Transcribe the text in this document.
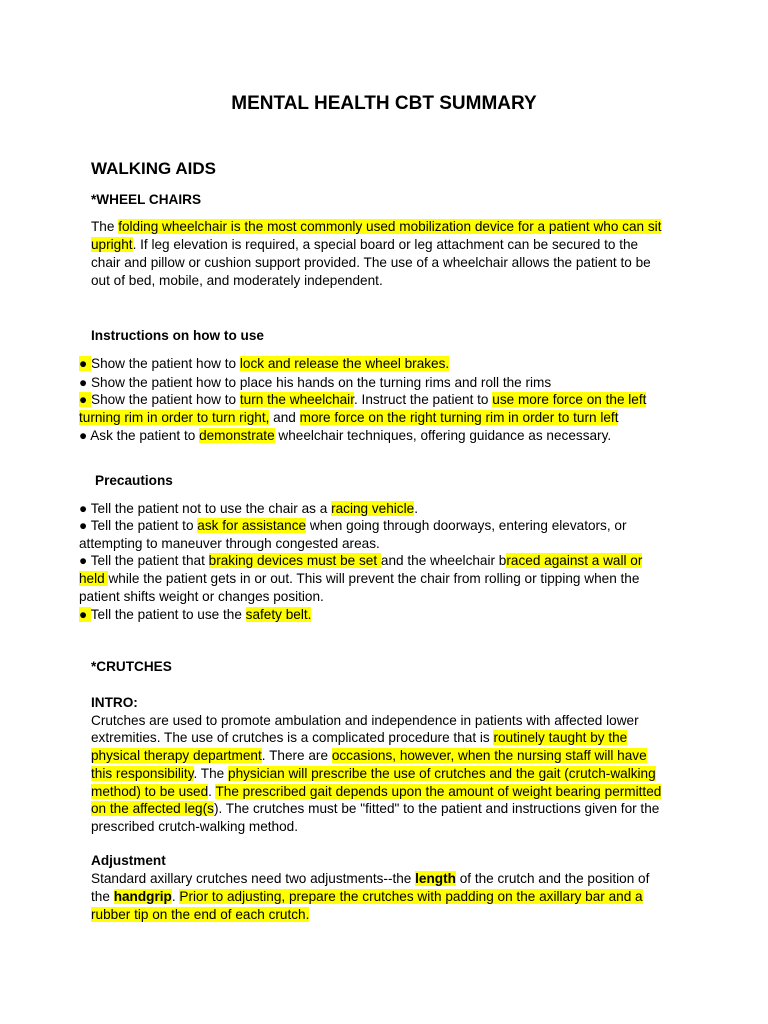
MENTAL HEALTH CBT SUMMARY
WALKING AIDS
*WHEEL CHAIRS
The folding wheelchair is the most commonly used mobilization device for a patient who can sit
upright. If leg elevation is required, a special board or leg attachment can be secured to the
chair and pillow or cushion support provided. The use of a wheelchair allows the patient to be
out of bed, mobile, and moderately independent.
Instructions on how to use
● Show the patient how to lock and release the wheel brakes.
● Show the patient how to place his hands on the turning rims and roll the rims
● Show the patient how to turn the wheelchair. Instruct the patient to use more force on the left
turning rim in order to turn right, and more force on the right turning rim in order to turn left
● Ask the patient to demonstrate wheelchair techniques, offering guidance as necessary.
Precautions
● Tell the patient not to use the chair as a racing vehicle.
● Tell the patient to ask for assistance when going through doorways, entering elevators, or
attempting to maneuver through congested areas.
● Tell the patient that braking devices must be set and the wheelchair braced against a wall or
held while the patient gets in or out. This will prevent the chair from rolling or tipping when the
patient shifts weight or changes position.
● Tell the patient to use the safety belt.
*CRUTCHES
INTRO:
Crutches are used to promote ambulation and independence in patients with affected lower
extremities. The use of crutches is a complicated procedure that is routinely taught by the
physical therapy department. There are occasions, however, when the nursing staff will have
this responsibility. The physician will prescribe the use of crutches and the gait (crutch-walking
method) to be used. The prescribed gait depends upon the amount of weight bearing permitted
on the affected leg(s). The crutches must be "fitted" to the patient and instructions given for the
prescribed crutch-walking method.
Adjustment
Standard axillary crutches need two adjustments--the length of the crutch and the position of
the handgrip. Prior to adjusting, prepare the crutches with padding on the axillary bar and a
rubber tip on the end of each crutch.
